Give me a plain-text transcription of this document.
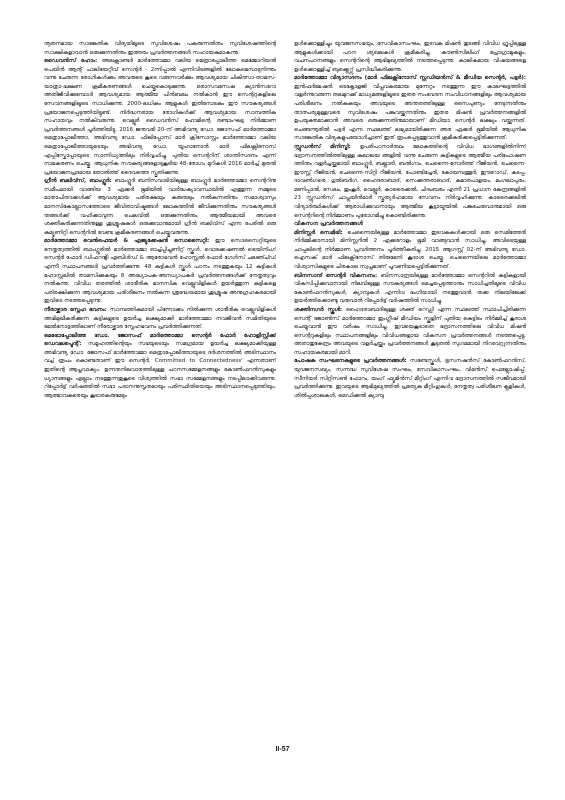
നൂതനമായ സാങ്കേതിക വിദ്യയിലൂടെ സുവിശേഷം പകരുന്നതിനും സുവിശേഷത്തിന്റെ സാക്ഷികളാവാൻ ഒരുക്കുന്നതിനും ഇത്തരം പ്രവർത്തനങ്ങൾ സഹായകമാകുന്നു.

ഡൈവൻസ് ഹോം: അലക്സാണ്ടർ മാർത്തോമ്മാ വലിയ മെത്രാപ്പോലീത്ത മെമ്മോറിയൽ പെയിൻ ആന്റ് പാലിയേറ്റീവ് സെന്റർ - 2ന്നിപ്പാൽ എന്നിവിടങ്ങളിൽ ലോകമെമ്പാടുനിന്നും വന്നു ചേരുന്ന രോഗികൾക്കും അവരുടെ കൂടെ വരുന്നവർക്കും ആവശ്യമായ ചികിത്സാ-താമസ-യാത്രാ-ഭക്ഷണ ക്രമീകരണങ്ങൾ ചെയ്തുകൊടുക്കുന്നു. ഒരാസവസേഷ ക്യാൻസറോ അതിജീവിക്കുമ്പോൾ ആവശ്യമായ ആത്മീയ പിൻബലം നൽകാൻ ഈ സെന്ററുകളിലെ സേവനങ്ങളിലൂടെ സാധിക്കുന്നു. 2000-ലധികം ആളുകൾ ഇതിനോടകം ഈ സൗകര്യങ്ങൾ പ്രയോജനപ്പെടുത്തിയിട്ടുണ്ട്. നിർദ്ധനരായ രോഗികൾക്ക് ആവശ്യമായ സാമ്പത്തിക സഹായവും നൽകിവരുന്നു. വെല്ലൂർ ഡൈവൻസ് ഹോമിന്റെ രണ്ടാംഘട്ട നിർമ്മാണ പ്രവർത്തനങ്ങൾ പൂർത്തിയിട്ടു. 2016 ജനുവരി 20-ന് അഭിവന്ദ്യ ഡോ. ജോസഫ് മാർത്തോമ്മാ മെത്രാപ്പോലീത്താ, അഭിവന്ദ്യ ഡോ. ഫിലിപ്പോസ് മാർ ക്രിസോസ്റ്റം മാർത്തോമ്മാ വലിയ മെത്രാപ്പോലീത്തായുടെയും അഭിവന്ദ്യ ഡോ. യൂഹാനോൻ മാർ ഫിലക്സിനോസ് എപ്പിസ്കോപ്പായുടെ സാന്നിധ്യത്തിലും നിർവ്വഹിച്ചു. പുതിയ സെന്ററിന് ശാന്തിസദനം എന്ന് നാമകരണം ചെയ്തു. ആധുനിക സൗകര്യങ്ങളോടുകൂടിയ 48-രോഗം മുറികൾ 2016 മാർച്ച് മുതൽ പ്രയോജനപ്രദമായ തോൽത്ത് ദൈവത്തെ സ്തുതിക്കുന്നു.

ഗ്രീൻ ബലിവ്സ്, ബാംഗ്ലൂർ: ബാംഗ്ലൂർ ബനിസവാടിയിലുള്ള ബാംഗ്ലൂർ മാർത്തോമ്മാ സെന്ററിനു സമീപമായി വാങ്ങിയ 3 ഏക്കർ ഭൂമിയിൽ വാർദ്ധക്യാവസ്ഥയിൽ എത്തുന്ന നമ്മുടെ മാതാപിതാക്കൾക്ക് ആവശ്യമായ പരിരക്ഷയും കരുതലും നൽകുന്നതിനും സമാശ്വാസും മാനസികോല്ലാസത്തോടെ ജീവിതാവിഷ്ടങ്ങൾ ലോകത്തിൽ ജീവിക്കുന്നതിനും സൗകര്യങ്ങൾ തങ്ങൾക്ക് വഹിക്കാവുന്ന ചെലവിൽ ഒരുക്കുന്നതിനും, ആത്മീയമായി അവരെ ശക്തീകരിക്കുന്നതിനുള്ള ശുശ്രൂഷകൾ ഒരുക്കുവാനുമായി ഗ്രീൻ ബലിവ്സ് എന്ന പേരിൽ ഒരു കമ്യൂണിറ്റി സെന്ററിൽ വേണ്ട ക്രമീകരണങ്ങൾ ചെയ്തുവരുന്നു.

മാർത്തോമ്മാ വെൽഫെയർ & എജ്യുക്കേഷൻ സൊസൈറ്റി: ഈ സൊസൈറ്റിയുടെ നേതൃത്വത്തിൽ ബാംഗ്ലൂരിൽ മാർത്തോമ്മാ ഓച്ച്പ്പിച്ചുണിറ്റ് സ്കൂൾ, വൊക്കേഷണൽ ട്രെയിനിംഗ് സെന്റർ ഫോർ ഡിഫറന്റ്ലി എബിൾഡ് & ആരോഭവൻ ഹോസ്റ്റൽ ഫോർ ഗേൾസ് ചലഞ്ച്ഡ് എന്നീ സ്ഥാപനങ്ങൾ പ്രവർത്തിക്കുന്നു. 48 കുട്ടികൾ സ്കൂൾ പഠനം നടത്തുകയും 12 കുട്ടികൾ ഹോസ്റ്റലിൽ താമസിക്കുകയും 8 അദ്ധ്യാപക-അനധ്യാപകർ പ്രവർത്തനങ്ങൾക്ക് നേതൃത്വവും നൽകുന്നു. വിവിധ തരത്തിൽ ശാരീരിക മാനസിക വെല്ലുവിളികൾ ഉയർത്തുന്ന കുട്ടികളെ പരിരക്ഷിക്കുന്ന ആവശ്യമായ പരിശീലനം നൽകുന്ന ശ്രദ്ധേയമായ ശുശ്രൂഷ അനുഗ്രഹകരമായി ഇവിടെ നടത്തപ്പെടുന്നു.

നീരാഴ്ക്കാര സ്നേഹ ഭവനം: സാമ്പത്തികമായി പിന്നോക്കം നിൽക്കുന്ന ശാരീരിക വെല്ലുവിളികൾ അഭിമുഖീകരിക്കുന്ന കുട്ടികളുടെ ഉയർച്ച ലക്ഷ്യമാക്കി മാർത്തോമ്മാ നവജീവൻ സമിതിയുടെ മേൽനോട്ടത്തിലാണ് നീരോഴ്ക്കാര സ്നേഹഭവനം പ്രവർത്തിക്കുന്നത്.

മെട്രോപ്പോലീത്ത ഡോ. ജോസഫ് മാർത്തോമ്മാ സെന്റർ ഫോർ ഹോളിസ്റ്റിക്ക് ഡെവലപ്മെന്റ്: സമൂഹത്തിന്റെയും സഭയുടെയും സമഗ്രമായ ഉയർച്ച ലക്ഷ്യമാക്കിയുള്ള അഭിവന്ദ്യ ഡോ. ജോസഫ് മാർത്തോമ്മാ മെത്രാപ്പോലീത്തായുടെ ദർശനത്തിൽ അടിസ്ഥാനം വച്ച് രൂപം കൊണ്ടതാണ് ഈ സെന്റർ. Committed to Connectedness' എന്നതാണ് ഇതിന്റെ ആപ്തവാക്യം. ഉന്നതനിലവാരത്തിലുള്ള പഠനസമ്മേളനങ്ങളും കോൺഫറൻസുകളും ധ്യാനങ്ങളും എല്ലാം നടത്തുന്നതുകൂടെ വിശ്വത്തിൽ സഭാ സമ്മേളനങ്ങളും നടപ്പിലാക്കിവരുന്നു. റിപ്പോർട്ട് വർഷത്തിൽ സഭാ പദാനനുസൃതമായും പരിസ്ഥിതിയെയും അടിസ്ഥാനപ്പെടുത്തിയും, ആത്മാവകരെയും കൂടാരകരുമേടും

ഉൾക്കൊള്ളിച്ചും യുവജനസഭയും, സേവികാസംഘം, ഇടവക മിഷൻ തുടങ്ങി വിവിധ ഗ്രൂപ്പിലുള്ള ആളുകൾക്കായി പഠന ശ്യഖലകൾ ക്രമീകരിച്ചു. കൗൺസിലിംഗ് പ്രോഗ്രാമുകളും, വചനപഠനങ്ങളും സെന്ററിന്റെ ആഭിമുഖ്യത്തിൽ നടത്തപ്പെടുന്നു. കാലികമായ വിഷയങ്ങളെ ഉൾക്കൊള്ളിച്ച് ബുക്ക്ലെറ്റ്സ് പ്രസിദ്ധീകരിക്കുന്നു.

മാർത്തോമ്മാ വിദ്യാസദനം (മാർ ഫിലക്സിനോസ് സ്റ്റഡിയൻസ് & മീഡിയ സെന്റർ, പട്ടർ): ഇൻഫർമേഷൻ ടെക്നോളജി വിപ്ലവകരമായ മുന്നേറ്റം നടത്തുന്ന ഈ കാലഘട്ടത്തിൽ വളർന്നുവരുന്ന തലമുറക്ക് മാധ്യമങ്ങളിലൂടെ ഇതര സംവേദന സംവിധാനങ്ങളിലും ആവശ്യമായ പരിശീലനം നൽകുകയും അവയുടെ അന്തരത്തിലുള്ള സൈപുണ്യം നേടുന്നതിനും താത്പര്യമുള്ളവരെ സുവിശേഷം പങ്കുവയ്ക്കുന്നതിനും ഇതര മിഷൻ പ്രവർത്തനങ്ങളിൽ ഉപയുക്തമാക്കാൻ അവരെ ഒരുക്കുന്നതിനുമായാണ് മീഡിയാ സെന്റർ ലക്ഷ്യം വയ്ക്കുന്നത്. ചെങ്ങന്നൂരിൽ പട്ടർ എന്ന സ്ഥലത്ത് ലഭ്യമായിരിക്കുന്ന അര ഏക്കർ ഭൂമിയിൽ ആധുനിക സാങ്കേതിക വിദ്യകളുപയോഗിച്ചാണ് ഇത് രൂപപ്പെടുത്തുവാൻ ക്രമീകരിക്കപ്പെട്ടിരിക്കുന്നത്.

സ്റ്റുഡൻസ് മിനിസ്ട്രി: ഉപരിപഠനാർത്ഥം ലോകത്തിന്റെ വിവിധ ഭാഗങ്ങളിൽനിന്ന് ഭദ്രാസനത്തിൽത്തിലുള്ള കലാലയ ങ്ങളിൽ വന്നു ചേരുന്ന കുട്ടികളുടെ ആത്മീയ പരിപോഷണ ത്തിനും വളർച്ചയ്ക്കുമായി ബാംഗ്ലൂർ, ബല്ലാരി, ബൽഗാം, ചെന്നൈ-നോർത്ത് റീജിയൻ, ചെന്നൈ-ഈസ്റ്റ് റീജിയൻ, ചെന്നൈ-സിറ്റി റീജിയൻ, പോണ്ടിച്ചേരി, കോയമ്പത്തൂർ, ഈറോഡ്, കടപ്പ, ദാവൺഗരെ, ഗുൽബർഗ, ഹൈദരാബാദ്, സെക്കന്തരാബാദ്, കുമാരപാളയം, മംഗലാപുരം, മണിപ്പാൽ, സേലം, തുംകൂർ, വെല്ലൂർ, കാരൈക്കൽ, ചിദംബരം എന്നീ 21 പ്രധാന കേന്ദ്രങ്ങളിൽ 23 സ്റ്റുഡൻസ് ചാപ്ലയിൻമാർ സ്തുത്യർഹമായ സേവനം നിർവ്വഹിക്കുന്നു. കാരൈക്കലിൽ വിദ്യാർത്ഥികൾക്ക് ആരാധിക്കുവാനായും ആത്മീയ കൂട്ടായ്മയിൽ പങ്കുചേരുവാനുമായി ഒരു സെന്ററിന്റെ നിർമ്മാണം പുരോഗമിച്ചു കൊണ്ടിരിക്കുന്നു.

വികസന പ്രവർത്തനങ്ങൾ

മിനിസ്റ്റർ സെമിട്രി: ചെന്നൈയിലുള്ള മാർത്തോമ്മാ ഇടവകകൾക്കായി ഒരു സെമിത്തേരി നിർമ്മിക്കാനായി മിനിസ്റ്ററിൽ 2 ഏക്കറോളം ഭൂമി വാങ്ങുവാൻ സാധിച്ചു. അവിടെയുള്ള ചാപ്പലിന്റെ നിർമ്മാണ പ്രവർത്തനം പൂർത്തീകരിച്ചു. 2015 ആഗസ്റ്റ് 02-ന് അഭിവന്ദ്യ ഡോ. ഐസക് മാർ ഫിലക്സിനോസ് തിരുമേനി കൂദാശ ചെയ്തു. ചെന്നൈയിലെ മാർത്തോമ്മാ വിശ്വാസികളുടെ ചിരകാല സ്വപ്നമാണ് പൂവണിയപ്പെട്ടിരിക്കുന്നത്.

ബിനസാന്ദ് സെന്റർ വികസനം: ബിനസാന്ദ്രയിലുള്ള മാർത്തോമ്മാ സെന്ററിൽ കുട്ടികളായി വികസിപ്പിക്കുവാനായി നിലവിലുള്ള സൗകര്യങ്ങൾ മെച്ചപ്പെടുത്താനും സാധിച്ചതിലൂടെ വിവിധ കോൺഫറൻസുകൾ, ക്യാമ്പുകൾ എന്നിവ ഭംഗിയായി നടത്തുവാൻ തക്ക നിലയിലേക്ക് ഉയർത്തിക്കൊണ്ടു വരുവാൻ റിപ്പോർട്ട് വർഷത്തിൽ സാധിച്ചു.

ശക്തിനഗർ സ്കൂൾ: ഹൈദരാബാദിലുള്ള ശക്ത് റെഡ്ഡി എന്ന സ്ഥലത്ത് സ്ഥാപിച്ചിരിക്കുന്ന സെന്റ് ജോൺസ് മാർത്തോമ്മാ ഇംഗ്ലീഷ് മീഡിയം സ്കൂളിന് പുതിയ കെട്ടിടം നിർമ്മിച്ച് കൂദാശ ചെയ്യുവാൻ ഈ വർഷം സാധിച്ചു. ഇവയെകൂടാതെ ഭദ്രാസനത്തിലെ വിവിധ മിഷൻ സെന്ററുകളിലും സ്ഥാപനങ്ങളിലും വിവിധങ്ങളായ വികസന പ്രവർത്തനങ്ങൾ നടത്തപ്പെട്ടു. അതാതുകേന്ദ്രം അവയുടെ വളർച്ചയ്ക്കും പ്രവർത്തനങ്ങൾ കൂടുതൽ സുഗമമായി നിറവേറ്റുന്നതിനും സഹായകരമായി മാറി.

പോഷക സംഘടനകളുടെ പ്രവർത്തനങ്ങൾ: സണ്ടേസ്കൂൾ, ഭ്രസനഷൻസ് കോൺഫറൻസ്, യുവജനസഖ്യം, സന്നദ്ധ സുവിശേഷ സംഘം, സേവികാസംഘം, വിമൻസ് ഫെല്ലോഷിപ്പ്, സീനിയർ സിറ്റിസൺ ഫോറം, യംഗ് ഫ്യൂമിൻസ് മീറ്റിംഗ് എന്നിവ ഭദ്രാസനത്തിൽ സജീവമായി പ്രവർത്തിക്കുന്നു. ഇവയുടെ ആഭിമുഖ്യത്തിൽ പ്രത്യേക മീറ്റിംഗുകൾ, നേതൃത്വ പരിശീലന ക്ലളികൾ, ശിൽപ്പശാലകൾ, മെഡിക്കൽ ക്യാമ്പു

II-57
